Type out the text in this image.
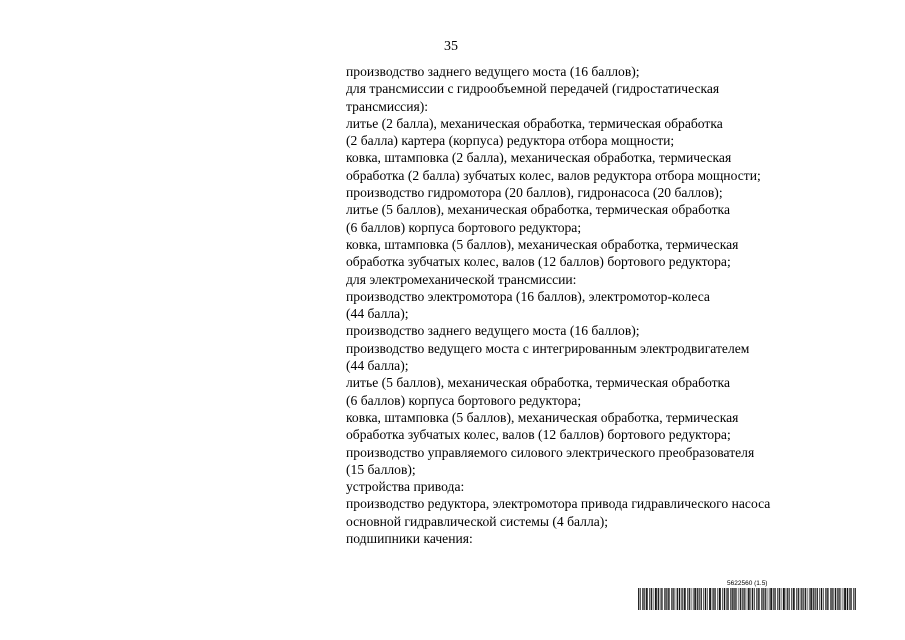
35
производство заднего ведущего моста (16 баллов);
для трансмиссии с гидрообъемной передачей (гидростатическая
трансмиссия):
литье (2 балла), механическая обработка, термическая обработка
(2 балла) картера (корпуса) редуктора отбора мощности;
ковка, штамповка (2 балла), механическая обработка, термическая
обработка (2 балла) зубчатых колес, валов редуктора отбора мощности;
производство гидромотора (20 баллов), гидронасоса (20 баллов);
литье (5 баллов), механическая обработка, термическая обработка
(6 баллов) корпуса бортового редуктора;
ковка, штамповка (5 баллов), механическая обработка, термическая
обработка зубчатых колес, валов (12 баллов) бортового редуктора;
для электромеханической трансмиссии:
производство электромотора (16 баллов), электромотор-колеса
(44 балла);
производство заднего ведущего моста (16 баллов);
производство ведущего моста с интегрированным электродвигателем
(44 балла);
литье (5 баллов), механическая обработка, термическая обработка
(6 баллов) корпуса бортового редуктора;
ковка, штамповка (5 баллов), механическая обработка, термическая
обработка зубчатых колес, валов (12 баллов) бортового редуктора;
производство управляемого силового электрического преобразователя
(15 баллов);
устройства привода:
производство редуктора, электромотора привода гидравлического насоса
основной гидравлической системы (4 балла);
подшипники качения:
5622560 (1.5)
